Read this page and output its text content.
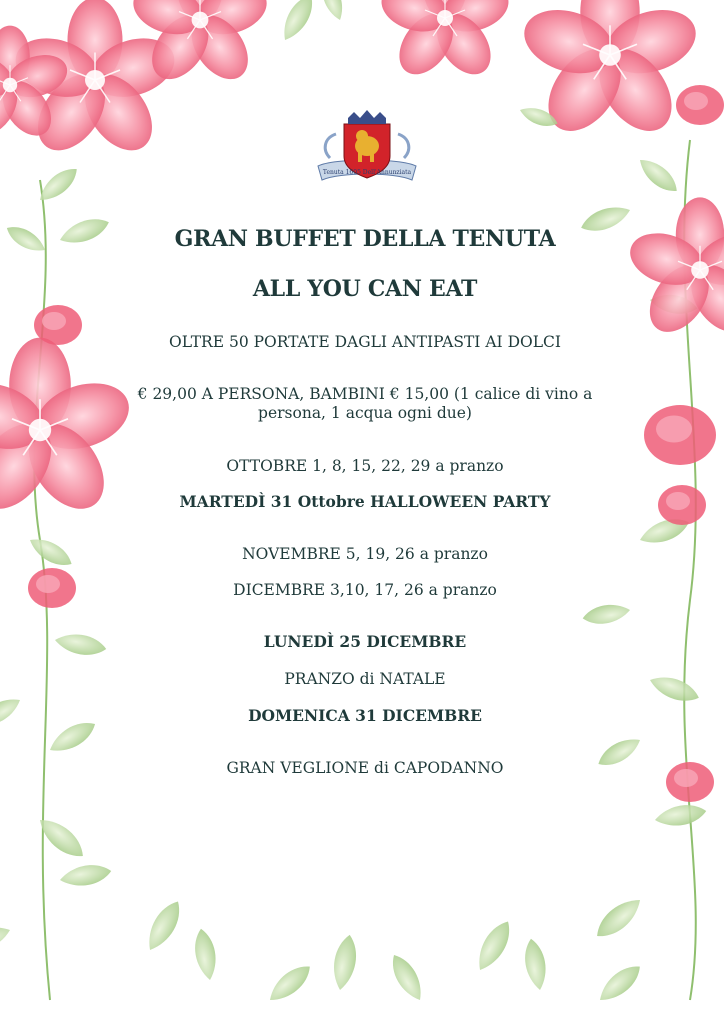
Tenuta 1605 Dell'Annunziata

GRAN BUFFET DELLA TENUTA

ALL YOU CAN EAT

OLTRE 50 PORTATE DAGLI ANTIPASTI AI DOLCI

€ 29,00 A PERSONA, BAMBINI € 15,00 (1 calice di vino a

persona, 1 acqua ogni due)

OTTOBRE 1, 8, 15, 22, 29 a pranzo

MARTEDÌ 31 Ottobre HALLOWEEN PARTY

NOVEMBRE 5, 19, 26 a pranzo

DICEMBRE 3,10, 17, 26 a pranzo

LUNEDÌ 25 DICEMBRE

PRANZO di NATALE

DOMENICA 31 DICEMBRE

GRAN VEGLIONE di CAPODANNO
